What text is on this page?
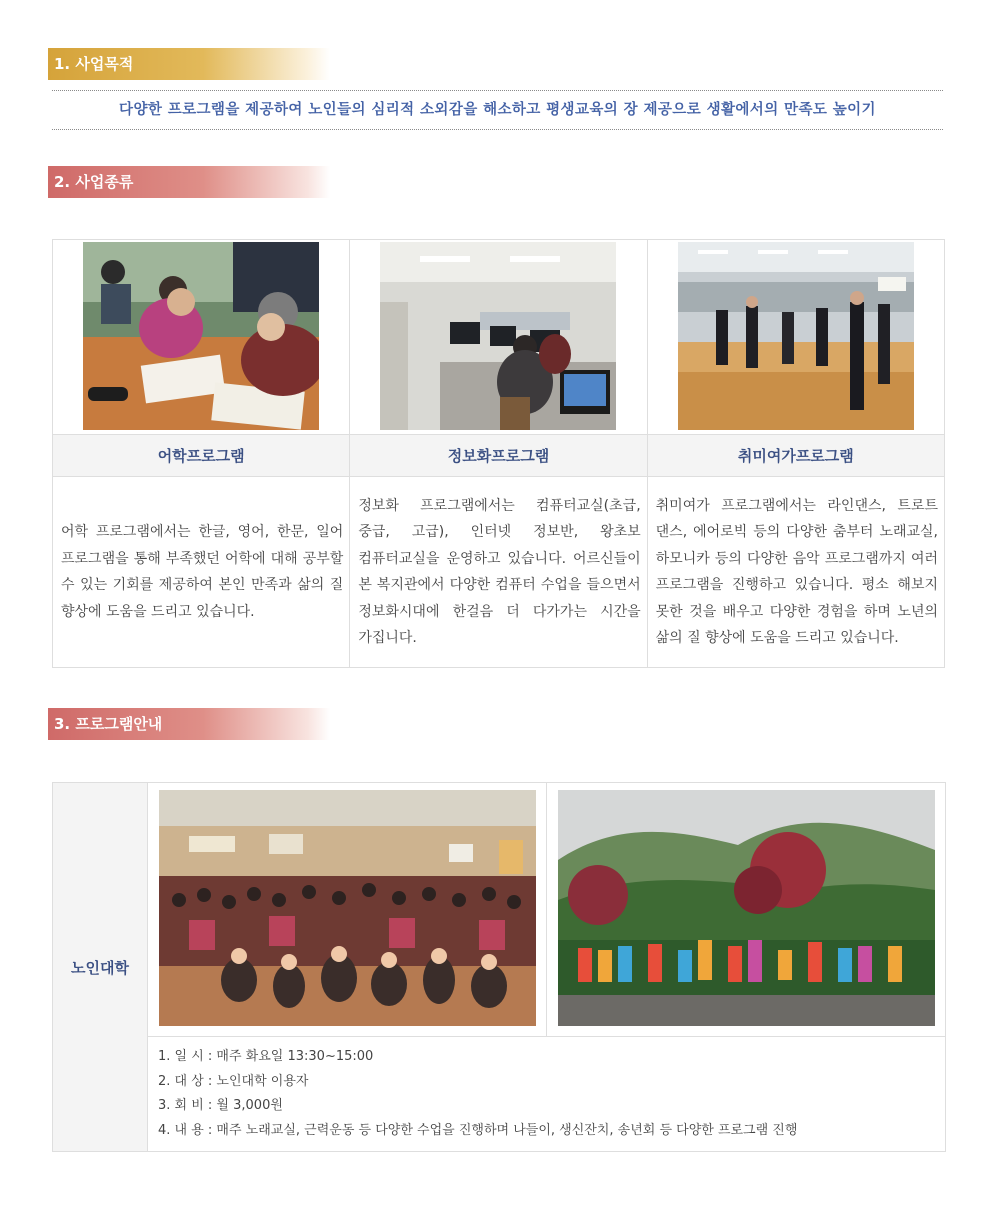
1. 사업목적
다양한 프로그램을 제공하여 노인들의 심리적 소외감을 해소하고 평생교육의 장 제공으로 생활에서의 만족도 높이기
2. 사업종류

어학프로그램	정보화프로그램	취미여가프로그램
어학 프로그램에서는 한글, 영어, 한문, 일어 프로그램을 통해 부족했던 어학에 대해 공부할 수 있는 기회를 제공하여 본인 만족과 삶의 질 향상에 도움을 드리고 있습니다.	정보화 프로그램에서는 컴퓨터교실(초급, 중급, 고급), 인터넷 정보반, 왕초보 컴퓨터교실을 운영하고 있습니다. 어르신들이 본 복지관에서 다양한 컴퓨터 수업을 들으면서 정보화시대에 한걸음 더 다가가는 시간을 가집니다.	취미여가 프로그램에서는 라인댄스, 트로트 댄스, 에어로빅 등의 다양한 춤부터 노래교실, 하모니카 등의 다양한 음악 프로그램까지 여러 프로그램을 진행하고 있습니다. 평소 해보지 못한 것을 배우고 다양한 경험을 하며 노년의 삶의 질 향상에 도움을 드리고 있습니다.
3. 프로그램안내
노인대학		

1. 일 시 : 매주 화요일 13:30~15:00
2. 대 상 : 노인대학 이용자
3. 회 비 : 월 3,000원
4. 내 용 : 매주 노래교실, 근력운동 등 다양한 수업을 진행하며 나들이, 생신잔치, 송년회 등 다양한 프로그램 진행
